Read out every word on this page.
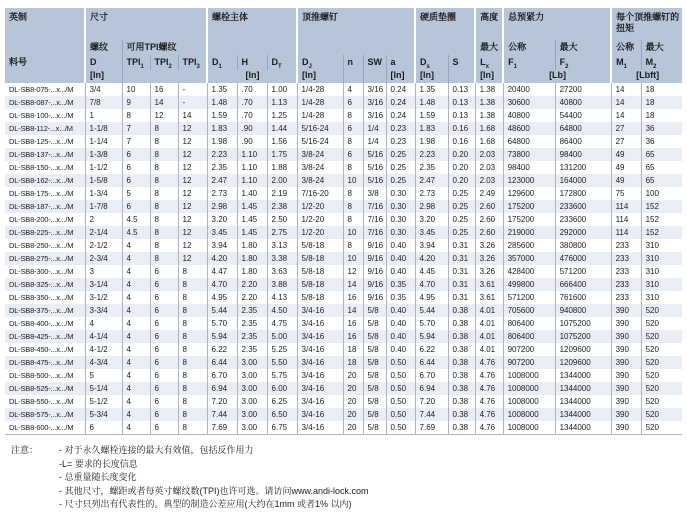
英制	尺寸				螺栓主体			顶推螺钉				硬质垫圈		高度	总预紧力		每个顶推螺钉的扭矩	
	螺纹	可用TPI螺纹												最大	公称	最大	公称	最大
料号	D	$TPI_1$	$TPI_2$	$TPI_3$	$D_1$	H	$D_T$	$D_J$	n	SW	a	$D_s$	S	$L_x$	$F_1$	$F_2$	$M_1$	$M_2$
	[In]				[In]			[In]			[In]	[In]		[In]	[Lb]		[Lbft]	
DL-SB8-075-...x.../M	3/4	10	16	-	1.35	.70	1.00	1/4-28	4	3/16	0.24	1.35	0.13	1.38	20400	27200	14	18
DL-SB8-087-...x.../M	7/8	9	14	-	1.48	.70	1.13	1/4-28	6	3/16	0.24	1.48	0.13	1.38	30600	40800	14	18
DL-SB8-100-...x.../M	1	8	12	14	1.59	.70	1.25	1/4-28	8	3/16	0.24	1.59	0.13	1.38	40800	54400	14	18
DL-SB8-112-...x.../M	1-1/8	7	8	12	1.83	.90	1.44	5/16-24	6	1/4	0.23	1.83	0.16	1.68	48600	64800	27	36
DL-SB8-125-...x.../M	1-1/4	7	8	12	1.98	.90	1.56	5/16-24	8	1/4	0.23	1.98	0.16	1.68	64800	86400	27	36
DL-SB8-137-...x.../M	1-3/8	6	8	12	2.23	1.10	1.75	3/8-24	6	5/16	0.25	2.23	0.20	2.03	73800	98400	49	65
DL-SB8-150-...x.../M	1-1/2	6	8	12	2.35	1.10	1.88	3/8-24	8	5/16	0.25	2.35	0.20	2.03	98400	131200	49	65
DL-SB8-162-...x.../M	1-5/8	6	8	12	2.47	1.10	2.00	3/8-24	10	5/16	0.25	2.47	0.20	2.03	123000	164000	49	65
DL-SB8-175-...x.../M	1-3/4	5	8	12	2.73	1.40	2.19	7/16-20	8	3/8	0.30	2.73	0.25	2.49	129600	172800	75	100
DL-SB8-187-...x.../M	1-7/8	6	8	12	2.98	1.45	2.38	1/2-20	8	7/16	0.30	2.98	0.25	2.60	175200	233600	114	152
DL-SB8-200-...x.../M	2	4.5	8	12	3.20	1.45	2.50	1/2-20	8	7/16	0.30	3.20	0.25	2.60	175200	233600	114	152
DL-SB8-225-...x.../M	2-1/4	4.5	8	12	3.45	1.45	2.75	1/2-20	10	7/16	0.30	3.45	0.25	2.60	219000	292000	114	152
DL-SB8-250-...x.../M	2-1/2	4	8	12	3.94	1.80	3.13	5/8-18	8	9/16	0.40	3.94	0.31	3.26	285600	380800	233	310
DL-SB8-275-...x.../M	2-3/4	4	8	12	4.20	1.80	3.38	5/8-18	10	9/16	0.40	4.20	0.31	3.26	357000	476000	233	310
DL-SB8-300-...x.../M	3	4	6	8	4.47	1.80	3.63	5/8-18	12	9/16	0.40	4.45	0.31	3.26	428400	571200	233	310
DL-SB8-325-...x.../M	3-1/4	4	6	8	4.70	2.20	3.88	5/8-18	14	9/16	0.35	4.70	0.31	3.61	499800	666400	233	310
DL-SB8-350-...x.../M	3-1/2	4	6	8	4.95	2.20	4.13	5/8-18	16	9/16	0.35	4.95	0.31	3.61	571200	761600	233	310
DL-SB8-375-...x.../M	3-3/4	4	6	8	5.44	2.35	4.50	3/4-16	14	5/8	0.40	5.44	0.38	4.01	705600	940800	390	520
DL-SB8-400-...x.../M	4	4	6	8	5.70	2.35	4.75	3/4-16	16	5/8	0.40	5.70	0.38	4.01	806400	1075200	390	520
DL-SB8-425-...x.../M	4-1/4	4	6	8	5.94	2.35	5.00	3/4-16	16	5/8	0.40	5.94	0.38	4.01	806400	1075200	390	520
DL-SB8-450-...x.../M	4-1/2	4	6	8	6.22	2.35	5.25	3/4-16	18	5/8	0.40	6.22	0.38	4.01	907200	1209600	390	520
DL-SB8-475-...x.../M	4-3/4	4	6	8	6.44	3.00	5.50	3/4-16	18	5/8	0.50	6.44	0.38	4.76	907200	1209600	390	520
DL-SB8-500-...x.../M	5	4	6	8	6.70	3.00	5.75	3/4-16	20	5/8	0.50	6.70	0.38	4.76	1008000	1344000	390	520
DL-SB8-525-...x.../M	5-1/4	4	6	8	6.94	3.00	6.00	3/4-16	20	5/8	0.50	6.94	0.38	4.76	1008000	1344000	390	520
DL-SB8-550-...x.../M	5-1/2	4	6	8	7.20	3.00	6.25	3/4-16	20	5/8	0.50	7.20	0.38	4.76	1008000	1344000	390	520
DL-SB8-575-...x.../M	5-3/4	4	6	8	7.44	3.00	6.50	3/4-16	20	5/8	0.50	7.44	0.38	4.76	1008000	1344000	390	520
DL-SB8-600-...x.../M	6	4	6	8	7.69	3.00	6.75	3/4-16	20	5/8	0.50	7.69	0.38	4.76	1008000	1344000	390	520
注意：	- 对于永久螺栓连接的最大有效值，包括反作用力
-L= 要求的长度信息
- 总重量随长度变化
- 其他尺寸，螺距或者每英寸螺纹数(TPI)也许可选。请访问www.andi-lock.com
- 尺寸只列出有代表性的。典型的制造公差应用(大约在1mm 或者1% 以内)
